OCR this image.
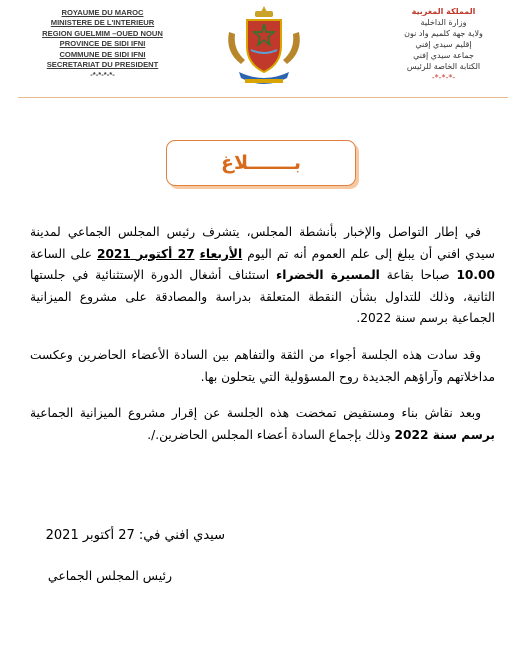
ROYAUME DU MAROC
MINISTERE DE L'INTERIEUR
REGION GUELMIM –OUED NOUN
PROVINCE DE SIDI IFNI
COMMUNE DE SIDI IFNI
SECRETARIAT DU PRESIDENT
-*-*-*-*-
المملكة المغربية
وزارة الداخلية
ولاية جهة كلميم واد نون
إقليم سيدي إفني
جماعة سيدي إفني
الكتابة الخاصة للرئيس
-*-*-*-
بـــــــلاغ

في إطار التواصل والإخبار بأنشطة المجلس، يتشرف رئيس المجلس الجماعي لمدينة سيدي افني أن يبلغ إلى علم العموم أنه تم اليوم الأربعاء 27 أكتوبر 2021 على الساعة 10.00 صباحا بقاعة المسيرة الخضراء استئناف أشغال الدورة الإستثنائية في جلستها الثانية، وذلك للتداول بشأن النقطة المتعلقة بدراسة والمصادقة على مشروع الميزانية الجماعية برسم سنة 2022.

وقد سادت هذه الجلسة أجواء من الثقة والتفاهم بين السادة الأعضاء الحاضرين وعكست مداخلاتهم وآراؤهم الجديدة روح المسؤولية التي يتحلون بها.

وبعد نقاش بناء ومستفيض تمخضت هذه الجلسة عن إقرار مشروع الميزانية الجماعية برسم سنة 2022 وذلك بإجماع السادة أعضاء المجلس الحاضرين./.

سيدي افني في: 27 أكتوبر 2021
رئيس المجلس الجماعي
